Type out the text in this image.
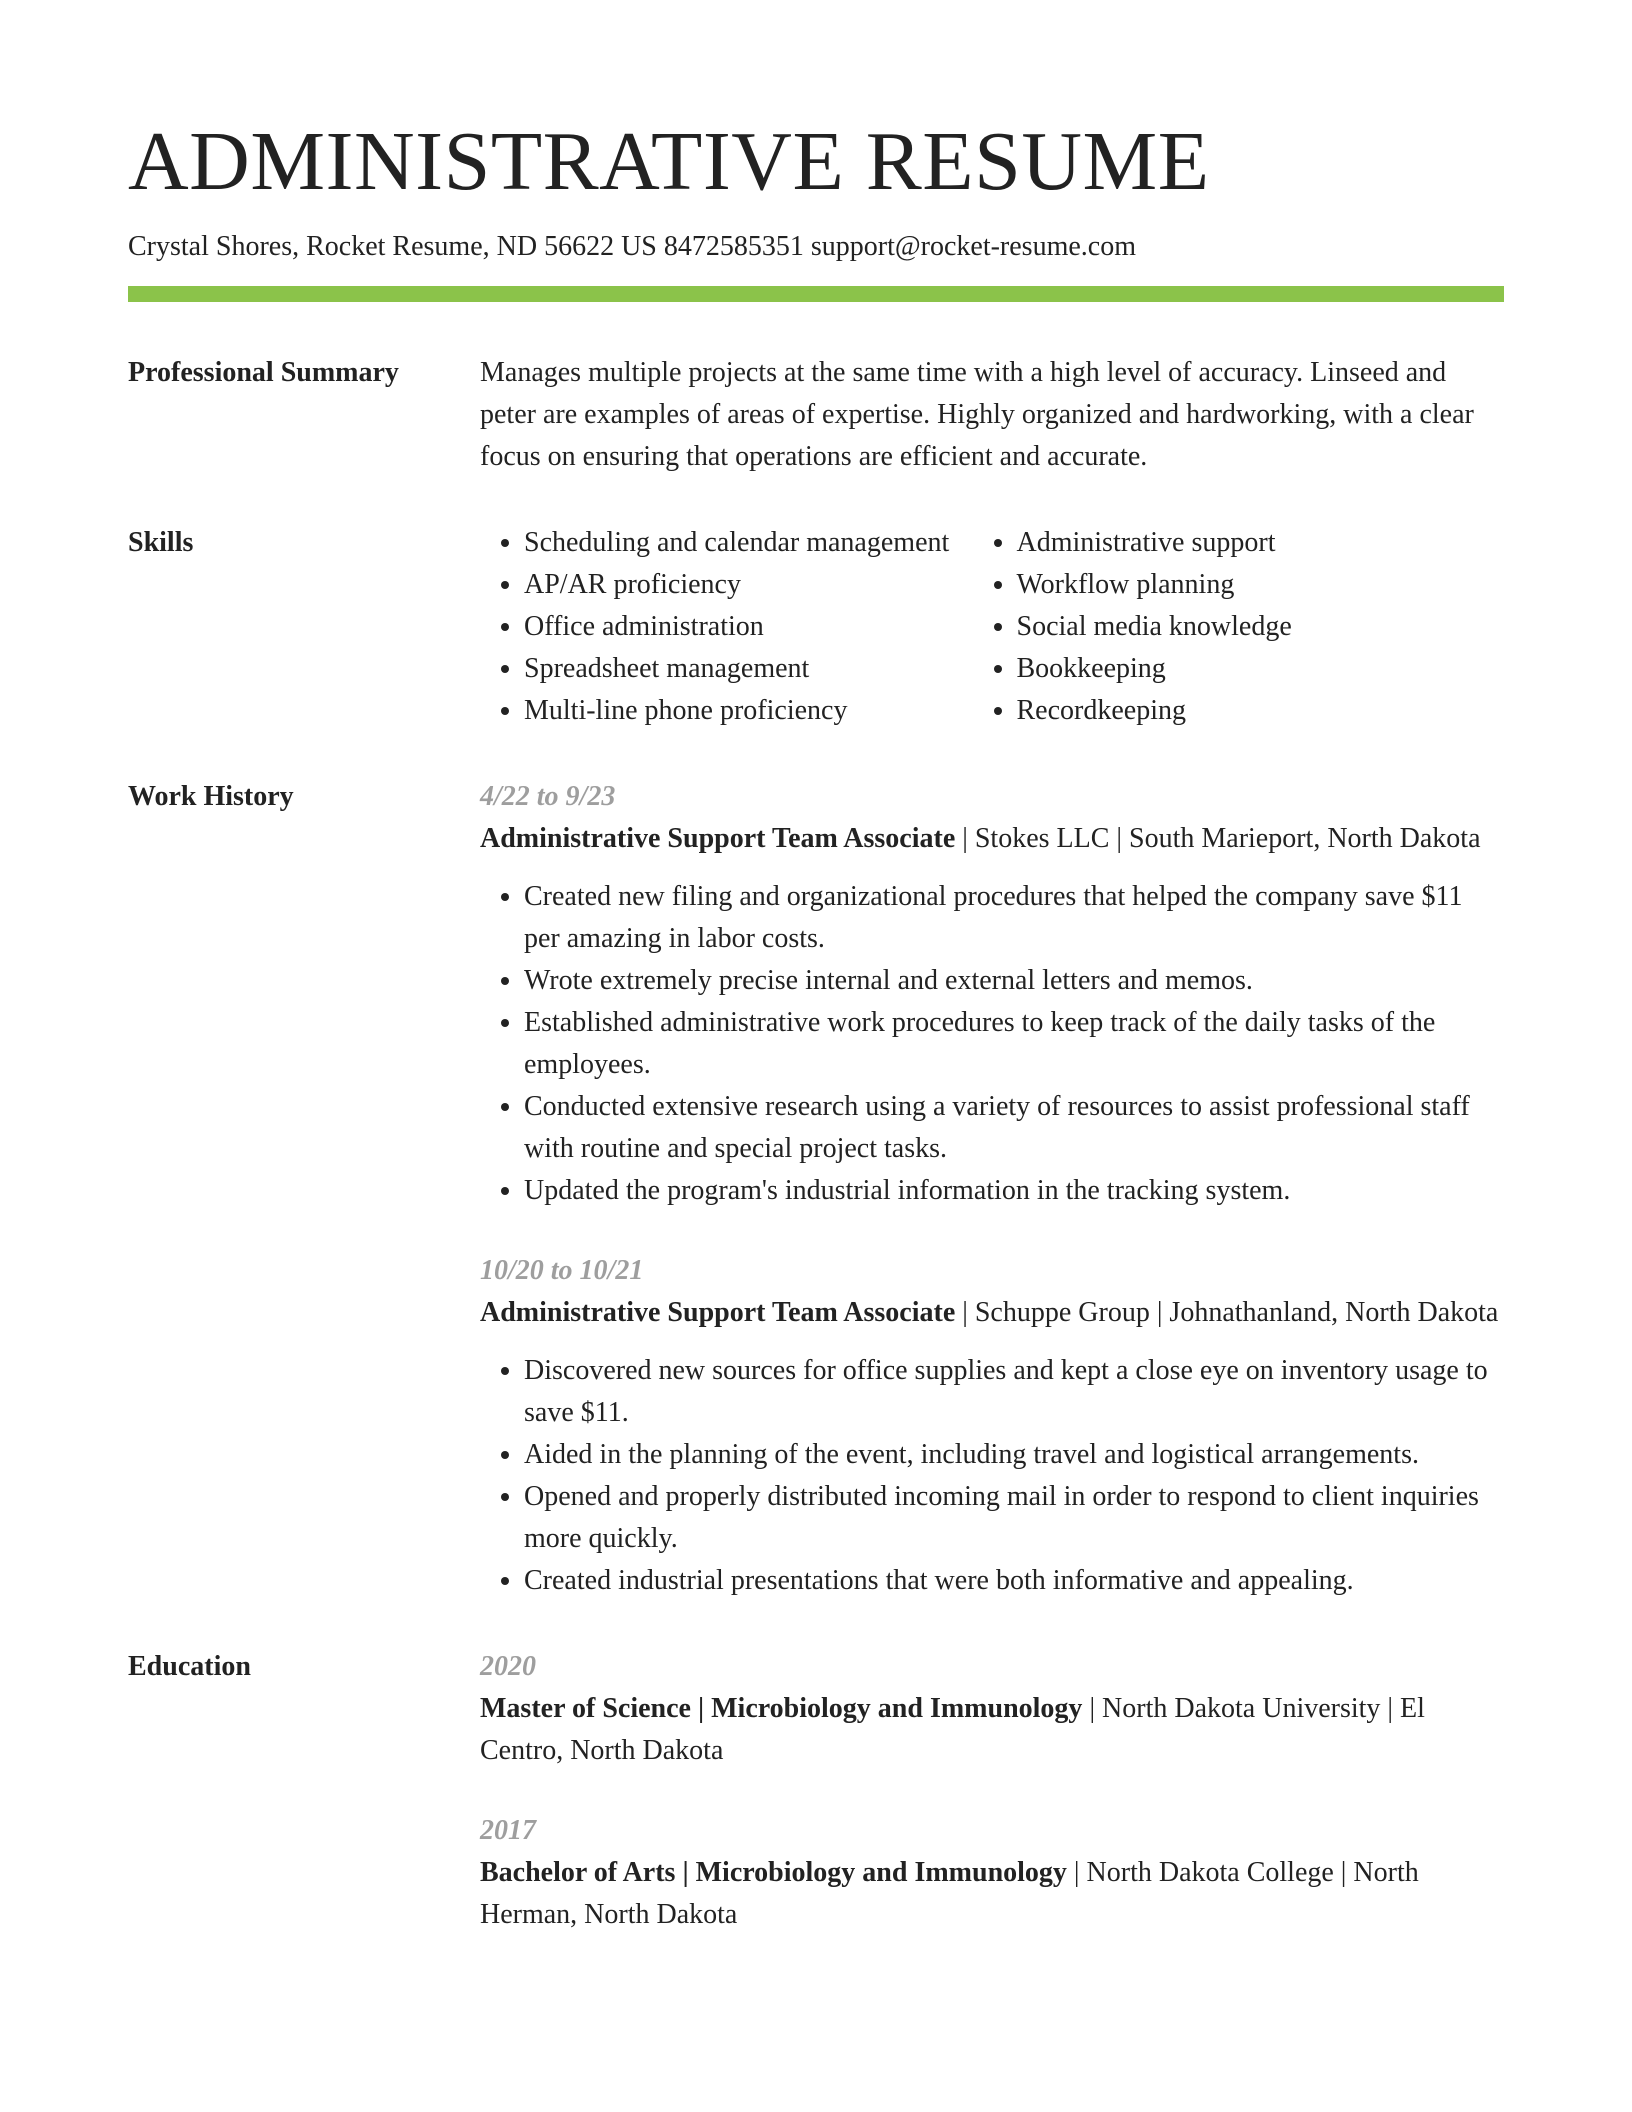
ADMINISTRATIVE RESUME
Crystal Shores, Rocket Resume, ND 56622 US 8472585351 support@rocket-resume.com
Professional Summary	Manages multiple projects at the same time with a high level of accuracy. Linseed and peter are examples of areas of expertise. Highly organized and hardworking, with a clear focus on ensuring that operations are efficient and accurate.
Skills
•	Scheduling and calendar management
• AP/AR proficiency
• Office administration
• Spreadsheet management
• Multi-line phone proficiency
• Administrative support
• Workflow planning
• Social media knowledge
• Bookkeeping
• Recordkeeping
Work History	4/22 to 9/23
Administrative Support Team Associate | Stokes LLC | South Marieport, North Dakota
• Created new filing and organizational procedures that helped the company save $11 per amazing in labor costs.
• Wrote extremely precise internal and external letters and memos.
• Established administrative work procedures to keep track of the daily tasks of the employees.
• Conducted extensive research using a variety of resources to assist professional staff with routine and special project tasks.
• Updated the program's industrial information in the tracking system.
10/20 to 10/21
Administrative Support Team Associate | Schuppe Group | Johnathanland, North Dakota
• Discovered new sources for office supplies and kept a close eye on inventory usage to save $11.
• Aided in the planning of the event, including travel and logistical arrangements.
• Opened and properly distributed incoming mail in order to respond to client inquiries more quickly.
• Created industrial presentations that were both informative and appealing.
Education	2020
Master of Science | Microbiology and Immunology | North Dakota University | El Centro, North Dakota
2017
Bachelor of Arts | Microbiology and Immunology | North Dakota College | North Herman, North Dakota
